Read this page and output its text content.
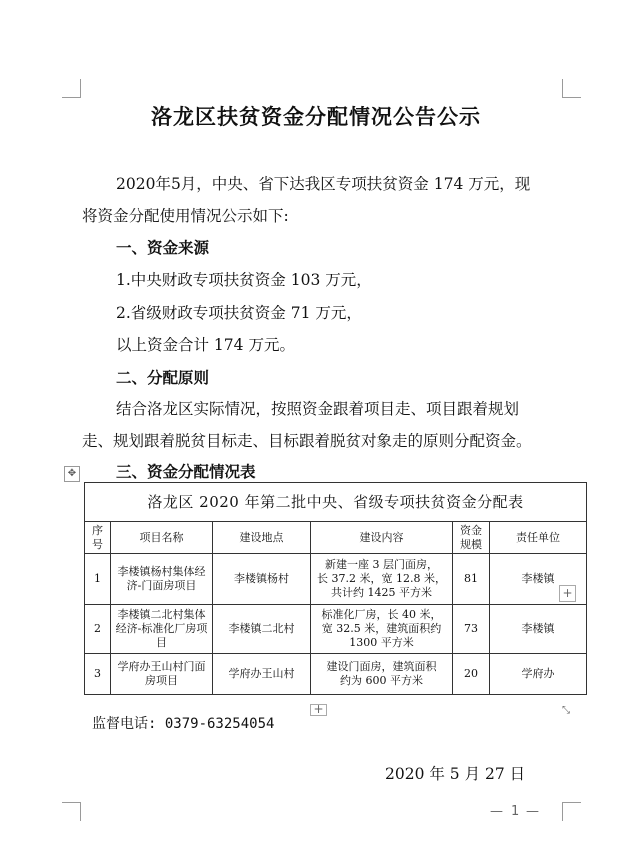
洛龙区扶贫资金分配情况公告公示
2020年5月，中央、省下达我区专项扶贫资金 174 万元，现
将资金分配使用情况公示如下:
一、资金来源
1.中央财政专项扶贫资金 103 万元，
2.省级财政专项扶贫资金 71 万元，
以上资金合计 174 万元。
二、分配原则
结合洛龙区实际情况，按照资金跟着项目走、项目跟着规划
走、规划跟着脱贫目标走、目标跟着脱贫对象走的原则分配资金。
三、资金分配情况表
✥
洛龙区 2020 年第二批中央、省级专项扶贫资金分配表					
序号	项目名称	建设地点	建设内容	资金规模	责任单位
1	李楼镇杨村集体经济-门面房项目	李楼镇杨村	新建一座 3 层门面房，
长 37.2 米，宽 12.8 米，
共计约 1425 平方米	81	李楼镇
2	李楼镇二北村集体经济-标准化厂房项目	李楼镇二北村	标准化厂房，长 40 米，
宽 32.5 米，建筑面积约
1300 平方米	73	李楼镇
3	学府办王山村门面房项目	学府办王山村	建设门面房，建筑面积
约为 600 平方米	20	学府办
+
+	⤡
监督电话: 0379-63254054
2020 年 5 月 27 日
— 1 —
